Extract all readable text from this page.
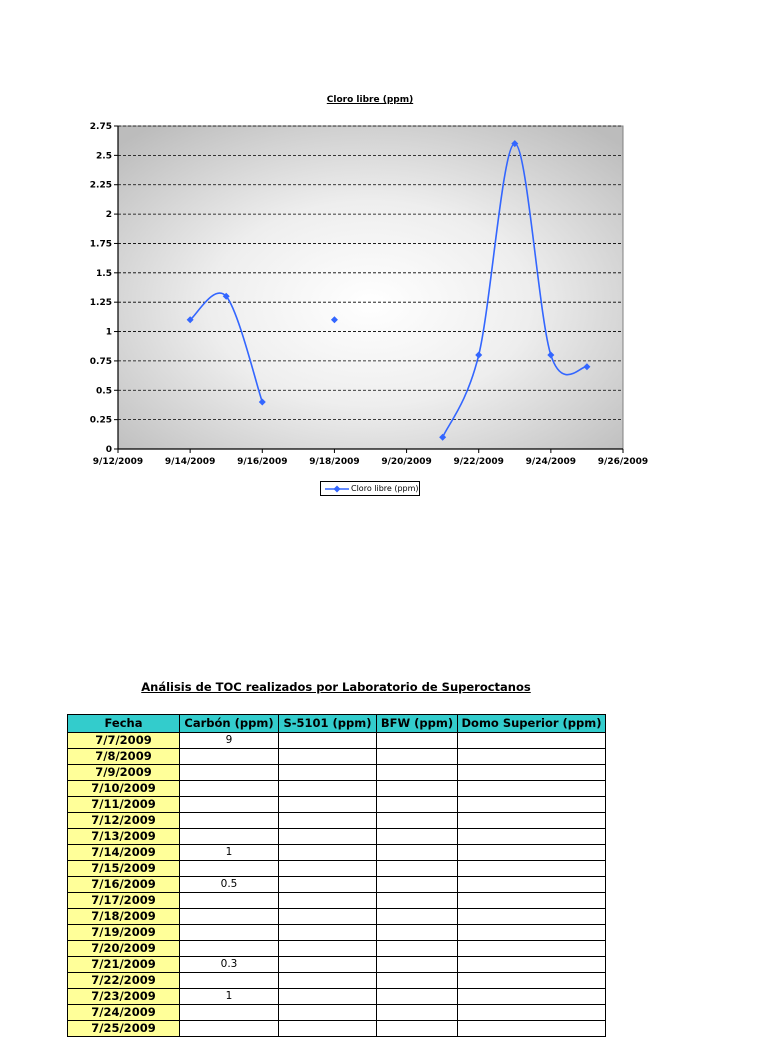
0
0.25
0.5
0.75
1
1.25
1.5
1.75
2
2.25
2.5
2.75
9/12/2009 9/14/2009 9/16/2009 9/18/2009 9/20/2009 9/22/2009 9/24/2009 9/26/2009
Cloro libre (ppm)
Cloro libre (ppm)
Análisis de TOC realizados por Laboratorio de Superoctanos
Fecha	Carbón (ppm)	S-5101 (ppm)	BFW (ppm)	Domo Superior (ppm)
7/7/2009	9			
7/8/2009				
7/9/2009				
7/10/2009				
7/11/2009				
7/12/2009				
7/13/2009				
7/14/2009	1			
7/15/2009				
7/16/2009	0.5			
7/17/2009				
7/18/2009				
7/19/2009				
7/20/2009				
7/21/2009	0.3			
7/22/2009				
7/23/2009	1			
7/24/2009				
7/25/2009				
